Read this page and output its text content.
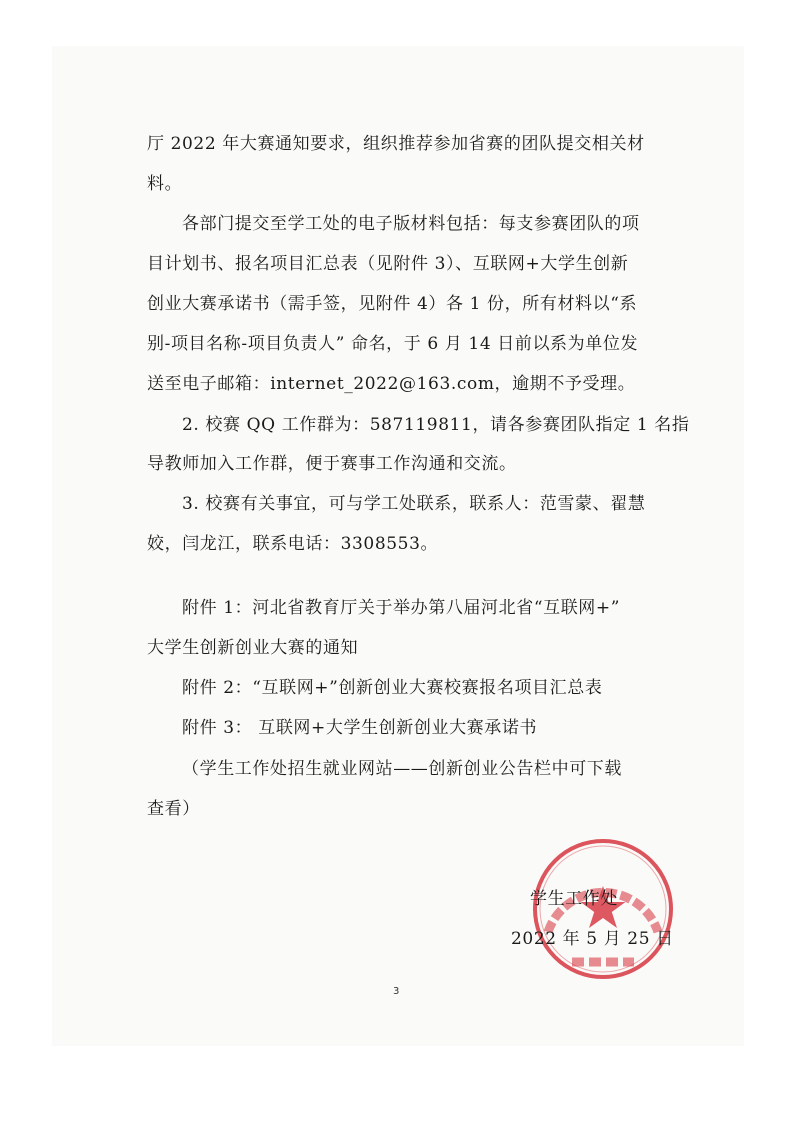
厅 2022 年大赛通知要求，组织推荐参加省赛的团队提交相关材
料。
各部门提交至学工处的电子版材料包括：每支参赛团队的项
目计划书、报名项目汇总表（见附件 3）、互联网+大学生创新
创业大赛承诺书（需手签，见附件 4）各 1 份，所有材料以“系
别-项目名称-项目负责人” 命名，于 6 月 14 日前以系为单位发
送至电子邮箱：internet_2022@163.com，逾期不予受理。
2. 校赛 QQ 工作群为：587119811，请各参赛团队指定 1 名指
导教师加入工作群，便于赛事工作沟通和交流。
3. 校赛有关事宜，可与学工处联系，联系人：范雪蒙、翟慧
姣，闫龙江，联系电话：3308553。
附件 1：河北省教育厅关于举办第八届河北省“互联网+”
大学生创新创业大赛的通知
附件 2：“互联网+”创新创业大赛校赛报名项目汇总表
附件 3： 互联网+大学生创新创业大赛承诺书
（学生工作处招生就业网站——创新创业公告栏中可下载
查看）
学生工作处
2022 年 5 月 25 日
3
